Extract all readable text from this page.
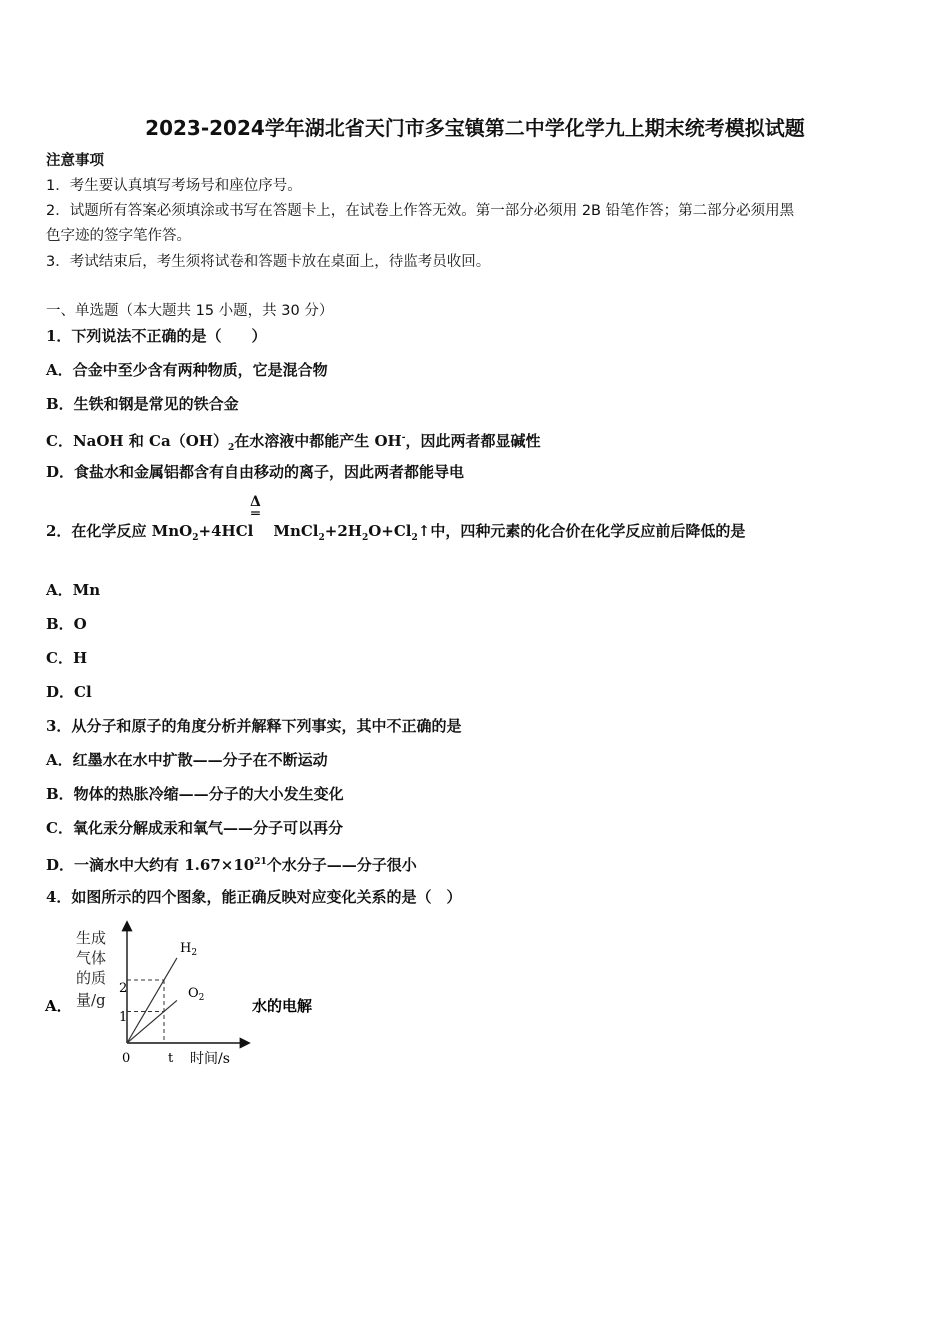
2023-2024学年湖北省天门市多宝镇第二中学化学九上期末统考模拟试题
注意事项
1．考生要认真填写考场号和座位序号。
2．试题所有答案必须填涂或书写在答题卡上，在试卷上作答无效。第一部分必须用 2B 铅笔作答；第二部分必须用黑
色字迹的签字笔作答。
3．考试结束后，考生须将试卷和答题卡放在桌面上，待监考员收回。
一、单选题（本大题共 15 小题，共 30 分）
1．下列说法不正确的是（　　）
A．合金中至少含有两种物质，它是混合物
B．生铁和钢是常见的铁合金
C．NaOH 和 $Ca(OH)_2$在水溶液中都能产生 OH-，因此两者都显碱性
D．食盐水和金属铝都含有自由移动的离子，因此两者都能导电
Δ
═
2．在化学反应 MnO$_2$+4HCl $MnCl_2+2H_2O+Cl_2↑$中，四种元素的化合价在化学反应前后降低的是
A．Mn
B．O
C．H
D．Cl
3．从分子和原子的角度分析并解释下列事实，其中不正确的是
A．红墨水在水中扩散——分子在不断运动
B．物体的热胀冷缩——分子的大小发生变化
C．氧化汞分解成汞和氧气——分子可以再分
D．一滴水中大约有 $1.67\times 10^{21}$个水分子——分子很小
4．如图所示的四个图象，能正确反映对应变化关系的是（　）
A．	水的电解
生成
气体
的质
量/g
2
1
0	t 时间/s
$H_2$
$O_2$
